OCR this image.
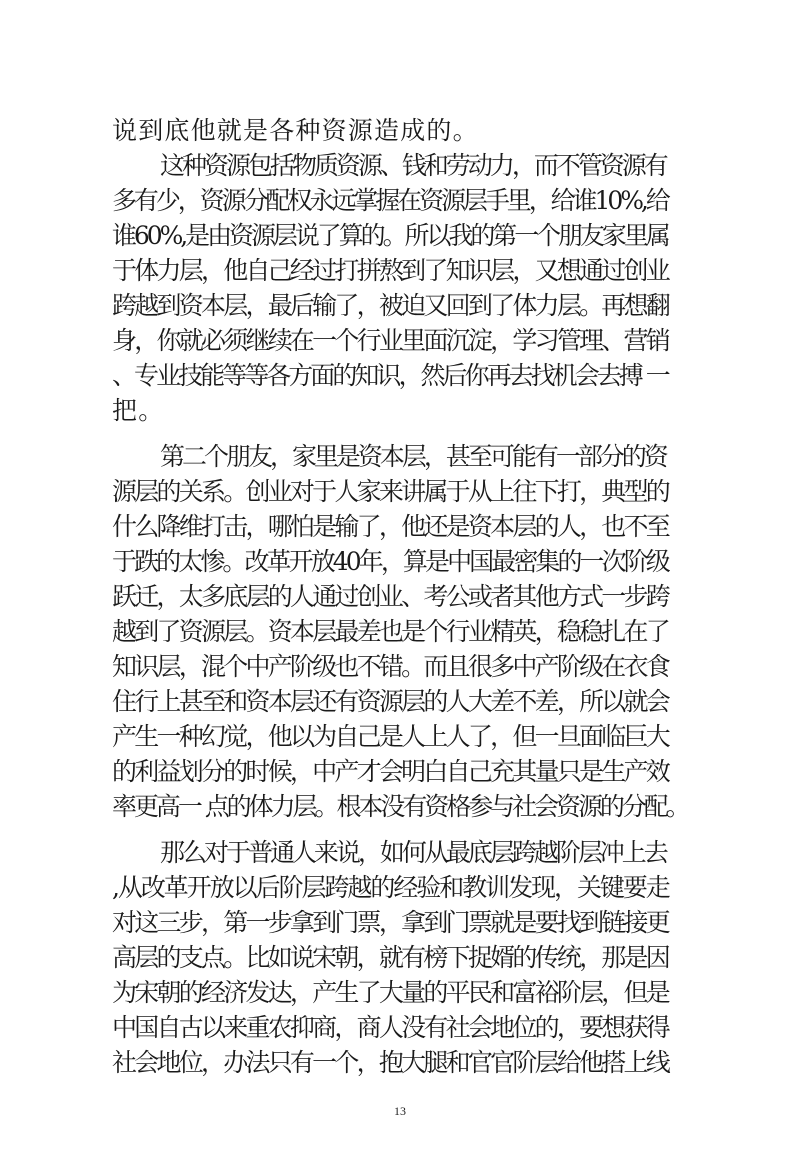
说到底他就是各种资源造成的。
这种资源包括物质资源、钱和劳动力，而不管资源有
多有少，资源分配权永远掌握在资源层手里，给谁10%,给
谁60%,是由资源层说了算的。所以我的第一个朋友家里属
于体力层，他自己经过打拼熬到了知识层，又想通过创业
跨越到资本层，最后输了，被迫又回到了体力层。再想翻
身，你就必须继续在一个行业里面沉淀，学习管理、营销
、专业技能等等各方面的知识，然后你再去找机会去搏 一
把。
第二个朋友，家里是资本层，甚至可能有一部分的资
源层的关系。创业对于人家来讲属于从上往下打，典型的
什么降维打击，哪怕是输了，他还是资本层的人，也不至
于跌的太惨。改革开放40年，算是中国最密集的一次阶级
跃迁，太多底层的人通过创业、考公或者其他方式一步跨
越到了资源层。资本层最差也是个行业精英，稳稳扎在了
知识层，混个中产阶级也不错。而且很多中产阶级在衣食
住行上甚至和资本层还有资源层的人大差不差，所以就会
产生一种幻觉，他以为自己是人上人了，但一旦面临巨大
的利益划分的时候，中产才会明白自己充其量只是生产效
率更高一 点的体力层。根本没有资格参与社会资源的分配。
那么对于普通人来说，如何从最底层跨越阶层冲上去
,从改革开放以后阶层跨越的经验和教训发现，关键要走
对这三步，第一步拿到门票，拿到门票就是要找到链接更
高层的支点。比如说宋朝，就有榜下捉婿的传统，那是因
为宋朝的经济发达，产生了大量的平民和富裕阶层，但是
中国自古以来重农抑商，商人没有社会地位的，要想获得
社会地位，办法只有一个，抱大腿和官官阶层给他搭上线
13
